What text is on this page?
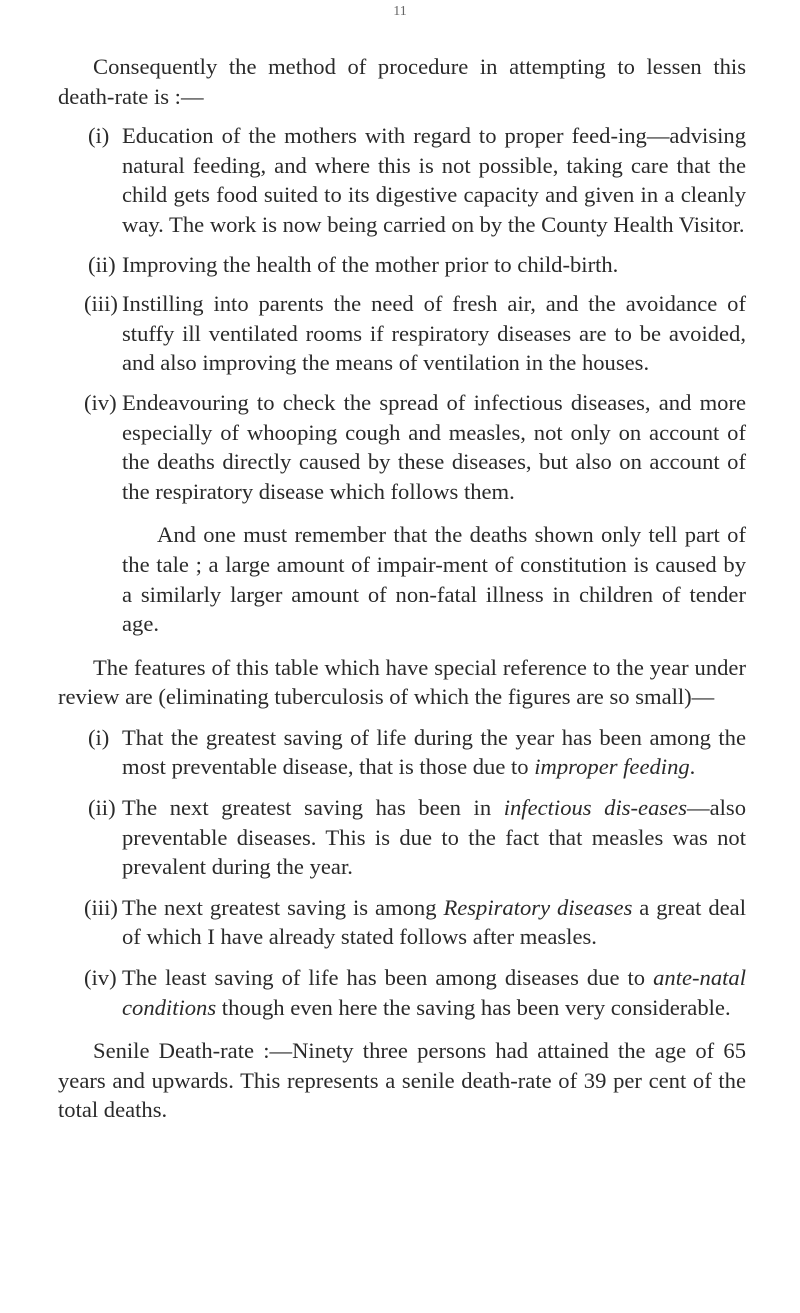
11

Consequently the method of procedure in attempting to lessen this death-rate is :—

(i) Education of the mothers with regard to proper feed-ing—advising natural feeding, and where this is not possible, taking care that the child gets food suited to its digestive capacity and given in a cleanly way. The work is now being carried on by the County Health Visitor.
(ii) Improving the health of the mother prior to child-birth.
(iii) Instilling into parents the need of fresh air, and the avoidance of stuffy ill ventilated rooms if respiratory diseases are to be avoided, and also improving the means of ventilation in the houses.
(iv) Endeavouring to check the spread of infectious diseases, and more especially of whooping cough and measles, not only on account of the deaths directly caused by these diseases, but also on account of the respiratory disease which follows them.

And one must remember that the deaths shown only tell part of the tale ; a large amount of impair-ment of constitution is caused by a similarly larger amount of non-fatal illness in children of tender age.

The features of this table which have special reference to the year under review are (eliminating tuberculosis of which the figures are so small)—

(i) That the greatest saving of life during the year has been among the most preventable disease, that is those due to improper feeding.
(ii) The next greatest saving has been in infectious dis-eases—also preventable diseases. This is due to the fact that measles was not prevalent during the year.
(iii) The next greatest saving is among Respiratory diseases a great deal of which I have already stated follows after measles.
(iv) The least saving of life has been among diseases due to ante-natal conditions though even here the saving has been very considerable.

Senile Death-rate :—Ninety three persons had attained the age of 65 years and upwards. This represents a senile death-rate of 39 per cent of the total deaths.
